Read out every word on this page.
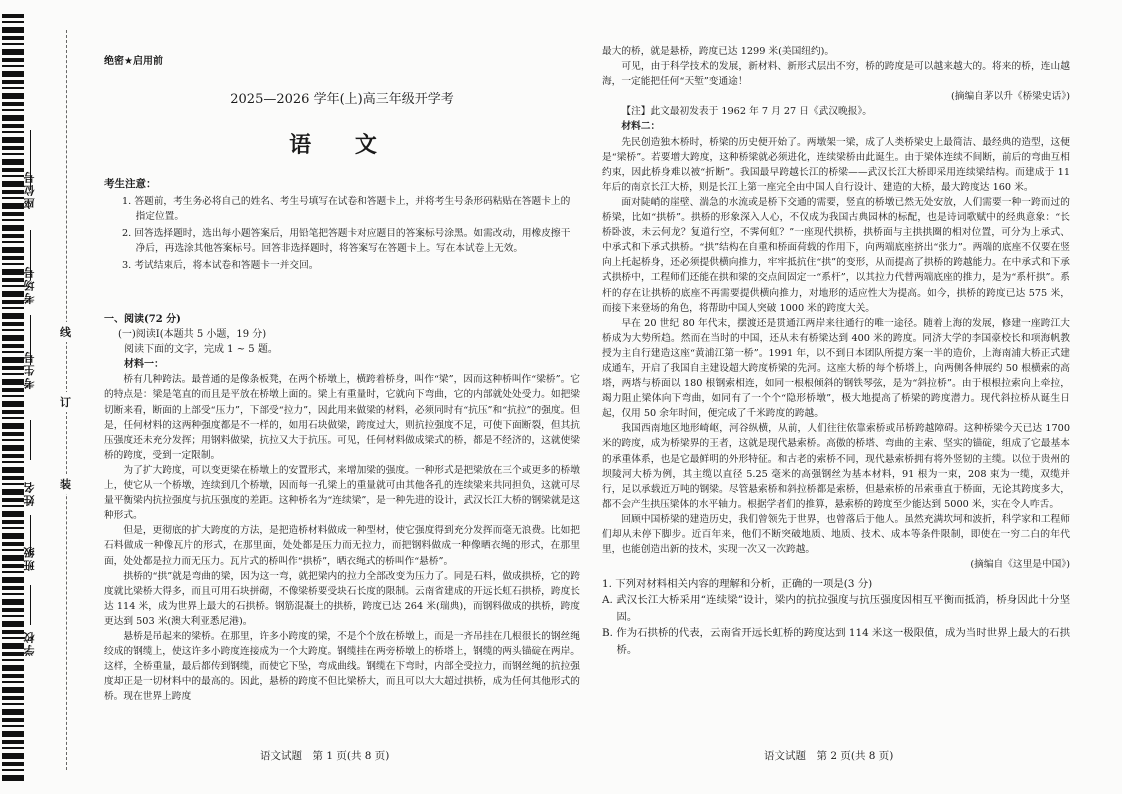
座位号
考场号
考生号
姓名
班级
学校
线
订
装
绝密★启用前
2025—2026 学年(上)高三年级开学考
语 文
考生注意：
1. 答题前，考生务必将自己的姓名、考生号填写在试卷和答题卡上，并将考生号条形码粘贴在答题卡上的指定位置。
2. 回答选择题时，选出每小题答案后，用铅笔把答题卡对应题目的答案标号涂黑。如需改动，用橡皮擦干净后，再选涂其他答案标号。回答非选择题时，将答案写在答题卡上。写在本试卷上无效。
3. 考试结束后，将本试卷和答题卡一并交回。
一、阅读(72 分)
(一)阅读Ⅰ(本题共 5 小题，19 分)
阅读下面的文字，完成 1 ~ 5 题。
材料一：

桥有几种跨法。最普通的是像条板凳，在两个桥墩上，横跨着桥身，叫作“梁”，因而这种桥叫作“梁桥”。它的特点是：梁是笔直的而且是平放在桥墩上面的。梁上有重量时，它就向下弯曲，它的内部就处处受力。如把梁切断来看，断面的上部受“压力”，下部受“拉力”，因此用来做梁的材料，必须同时有“抗压”和“抗拉”的强度。但是，任何材料的这两种强度都是不一样的，如用石块做梁，跨度过大，则抗拉强度不足，可使下面断裂，但其抗压强度还未充分发挥；用钢料做梁，抗拉又大于抗压。可见，任何材料做成梁式的桥，都是不经济的，这就使梁桥的跨度，受到一定限制。

为了扩大跨度，可以变更梁在桥墩上的安置形式，来增加梁的强度。一种形式是把梁放在三个或更多的桥墩上，使它从一个桥墩，连续到几个桥墩，因而每一孔梁上的重量就可由其他各孔的连续梁来共同担负，这就可尽量平衡梁内抗拉强度与抗压强度的差距。这种桥名为“连续梁”，是一种先进的设计，武汉长江大桥的钢梁就是这种形式。

但是，更彻底的扩大跨度的方法，是把造桥材料做成一种型材，使它强度得到充分发挥而毫无浪费。比如把石料做成一种像瓦片的形式，在那里面，处处都是压力而无拉力，而把钢料做成一种像晒衣绳的形式，在那里面，处处都是拉力而无压力。瓦片式的桥叫作“拱桥”，晒衣绳式的桥叫作“悬桥”。

拱桥的“拱”就是弯曲的梁，因为这一弯，就把梁内的拉力全部改变为压力了。同是石料，做成拱桥，它的跨度就比梁桥大得多，而且可用石块拼砌，不像梁桥要受块石长度的限制。云南省建成的开远长虹石拱桥，跨度长达 114 米，成为世界上最大的石拱桥。钢筋混凝土的拱桥，跨度已达 264 米(瑞典)，而钢料做成的拱桥，跨度更达到 503 米(澳大利亚悉尼港)。

悬桥是吊起来的梁桥。在那里，许多小跨度的梁，不是个个放在桥墩上，而是一齐吊挂在几根很长的钢丝绳绞成的钢缆上，使这许多小跨度连接成为一个大跨度。钢缆挂在两旁桥墩上的桥塔上，钢缆的两头锚碇在两岸。这样，全桥重量，最后都传到钢缆，而使它下坠，弯成曲线。钢缆在下弯时，内部全受拉力，而钢丝绳的抗拉强度却正是一切材料中的最高的。因此，悬桥的跨度不但比梁桥大，而且可以大大超过拱桥，成为任何其他形式的桥。现在世界上跨度

语文试题　第 1 页(共 8 页)

最大的桥，就是悬桥，跨度已达 1299 米(美国纽约)。

可见，由于科学技术的发展，新材料、新形式层出不穷，桥的跨度是可以越来越大的。将来的桥，连山越海，一定能把任何“天堑”变通途！

(摘编自茅以升《桥梁史话》)

【注】此文最初发表于 1962 年 7 月 27 日《武汉晚报》。

材料二：

先民创造独木桥时，桥梁的历史便开始了。两墩架一梁，成了人类桥梁史上最简洁、最经典的造型，这便是“梁桥”。若要增大跨度，这种桥梁就必须进化，连续梁桥由此诞生。由于梁体连续不间断，前后的弯曲互相约束，因此桥身难以被“折断”。我国最早跨越长江的桥梁——武汉长江大桥即采用连续梁结构。而建成于 11 年后的南京长江大桥，则是长江上第一座完全由中国人自行设计、建造的大桥，最大跨度达 160 米。

面对陡峭的崖壁、湍急的水流或是桥下交通的需要，竖直的桥墩已然无处安放，人们需要一种一跨而过的桥梁，比如“拱桥”。拱桥的形象深入人心，不仅成为我国古典园林的标配，也是诗词歌赋中的经典意象：“长桥卧波，未云何龙？复道行空，不霁何虹？”一座现代拱桥，拱桥面与主拱拱圈的相对位置，可分为上承式、中承式和下承式拱桥。“拱”结构在自重和桥面荷载的作用下，向两端底座挤出“张力”。两端的底座不仅要在竖向上托起桥身，还必须提供横向推力，牢牢抵抗住“拱”的变形，从而提高了拱桥的跨越能力。在中承式和下承式拱桥中，工程师们还能在拱和梁的交点间固定一“系杆”，以其拉力代替两端底座的推力，是为“系杆拱”。系杆的存在让拱桥的底座不再需要提供横向推力，对地形的适应性大为提高。如今，拱桥的跨度已达 575 米，而接下来登场的角色，将帮助中国人突破 1000 米的跨度大关。

早在 20 世纪 80 年代末，摆渡还是贯通江两岸来往通行的唯一途径。随着上海的发展，修建一座跨江大桥成为大势所趋。然而在当时的中国，还从未有桥梁达到 400 米的跨度。同济大学的李国豪校长和项海帆教授为主自行建造这座“黄浦江第一桥”。1991 年，以不到日本团队所提方案一半的造价，上海南浦大桥正式建成通车，开启了我国自主建设超大跨度桥梁的先河。这座大桥的每个桥塔上，向两侧各伸展约 50 根横索的高塔，两塔与桥面以 180 根钢索相连，如同一根根倾斜的钢铁琴弦，是为“斜拉桥”。由于根根拉索向上牵拉，竭力阻止梁体向下弯曲，如同有了一个个“隐形桥墩”，极大地提高了桥梁的跨度潜力。现代斜拉桥从诞生日起，仅用 50 余年时间，便完成了千米跨度的跨越。

我国西南地区地形崎岖，河谷纵横，从前，人们往往依靠索桥或吊桥跨越障碍。这种桥梁今天已达 1700 米的跨度，成为桥梁界的王者，这就是现代悬索桥。高傲的桥塔、弯曲的主索、坚实的锚碇，组成了它最基本的承重体系，也是它最鲜明的外形特征。和古老的索桥不同，现代悬索桥拥有将外竖韧的主缆。以位于贵州的坝陵河大桥为例，其主缆以直径 5.25 毫米的高强钢丝为基本材料，91 根为一束，208 束为一缆，双缆并行，足以承载近万吨的钢梁。尽管悬索桥和斜拉桥都是索桥，但悬索桥的吊索垂直于桥面，无论其跨度多大，都不会产生拱压梁体的水平轴力。根据学者们的推算，悬索桥的跨度至少能达到 5000 米，实在令人咋舌。

回顾中国桥梁的建造历史，我们曾领先于世界，也曾落后于他人。虽然充满坎坷和波折，科学家和工程师们却从未停下脚步。近百年来，他们不断突破地质、地质、技术、成本等条件限制，即使在一穷二白的年代里，也能创造出新的技术，实现一次又一次跨越。

(摘编自《这里是中国》)

1. 下列对材料相关内容的理解和分析，正确的一项是(3 分)

A. 武汉长江大桥采用“连续梁”设计，梁内的抗拉强度与抗压强度因相互平衡而抵消，桥身因此十分坚固。

B. 作为石拱桥的代表，云南省开远长虹桥的跨度达到 114 米这一极限值，成为当时世界上最大的石拱桥。

语文试题　第 2 页(共 8 页)
